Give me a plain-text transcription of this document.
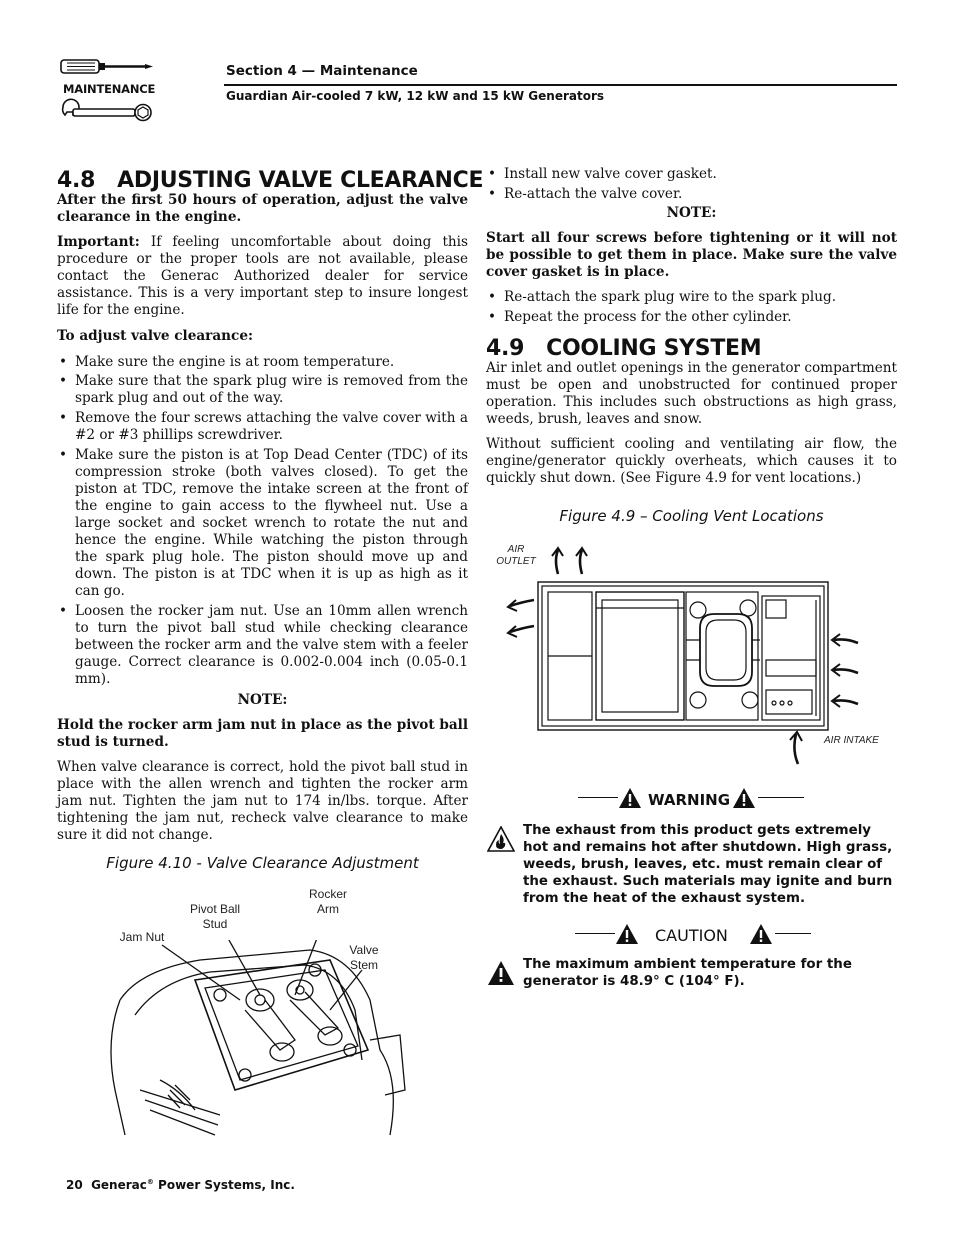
MAINTENANCE
Section 4 — Maintenance
Guardian Air-cooled 7 kW, 12 kW and 15 kW Generators
4.8   ADJUSTING VALVE CLEARANCE

After the first 50 hours of operation, adjust the valve clearance in the engine.

Important: If feeling uncomfortable about doing this procedure or the proper tools are not available, please contact the Generac Authorized dealer for service assistance. This is a very important step to insure longest life for the engine.

To adjust valve clearance:

• Make sure the engine is at room temperature.
• Make sure that the spark plug wire is removed from the spark plug and out of the way.
• Remove the four screws attaching the valve cover with a #2 or #3 phillips screwdriver.
• Make sure the piston is at Top Dead Center (TDC) of its compression stroke (both valves closed). To get the piston at TDC, remove the intake screen at the front of the engine to gain access to the flywheel nut. Use a large socket and socket wrench to rotate the nut and hence the engine. While watching the piston through the spark plug hole. The piston should move up and down. The piston is at TDC when it is up as high as it can go.
• Loosen the rocker jam nut. Use an 10mm allen wrench to turn the pivot ball stud while checking clearance between the rocker arm and the valve stem with a feeler gauge. Correct clearance is 0.002-0.004 inch (0.05-0.1 mm).

NOTE:

Hold the rocker arm jam nut in place as the pivot ball stud is turned.

When valve clearance is correct, hold the pivot ball stud in place with the allen wrench and tighten the rocker arm jam nut. Tighten the jam nut to 174 in/lbs. torque. After tightening the jam nut, recheck valve clearance to make sure it did not change.

Figure 4.10 - Valve Clearance Adjustment
Jam Nut
Pivot Ball
Stud
Rocker
Arm
Valve
Stem
• Install new valve cover gasket.
• Re-attach the valve cover.

NOTE:

Start all four screws before tightening or it will not be possible to get them in place. Make sure the valve cover gasket is in place.

• Re-attach the spark plug wire to the spark plug.
• Repeat the process for the other cylinder.
4.9   COOLING SYSTEM

Air inlet and outlet openings in the generator compartment must be open and unobstructed for continued proper operation. This includes such obstructions as high grass, weeds, brush, leaves and snow.

Without sufficient cooling and ventilating air flow, the engine/generator quickly overheats, which causes it to quickly shut down. (See Figure 4.9 for vent locations.)

Figure 4.9 – Cooling Vent Locations
AIR
OUTLET
AIR INTAKE
WARNING

The exhaust from this product gets extremely hot and remains hot after shutdown. High grass, weeds, brush, leaves, etc. must remain clear of the exhaust. Such materials may ignite and burn from the heat of the exhaust system.

CAUTION

The maximum ambient temperature for the generator is 48.9° C (104° F).

20 Generac® Power Systems, Inc.
